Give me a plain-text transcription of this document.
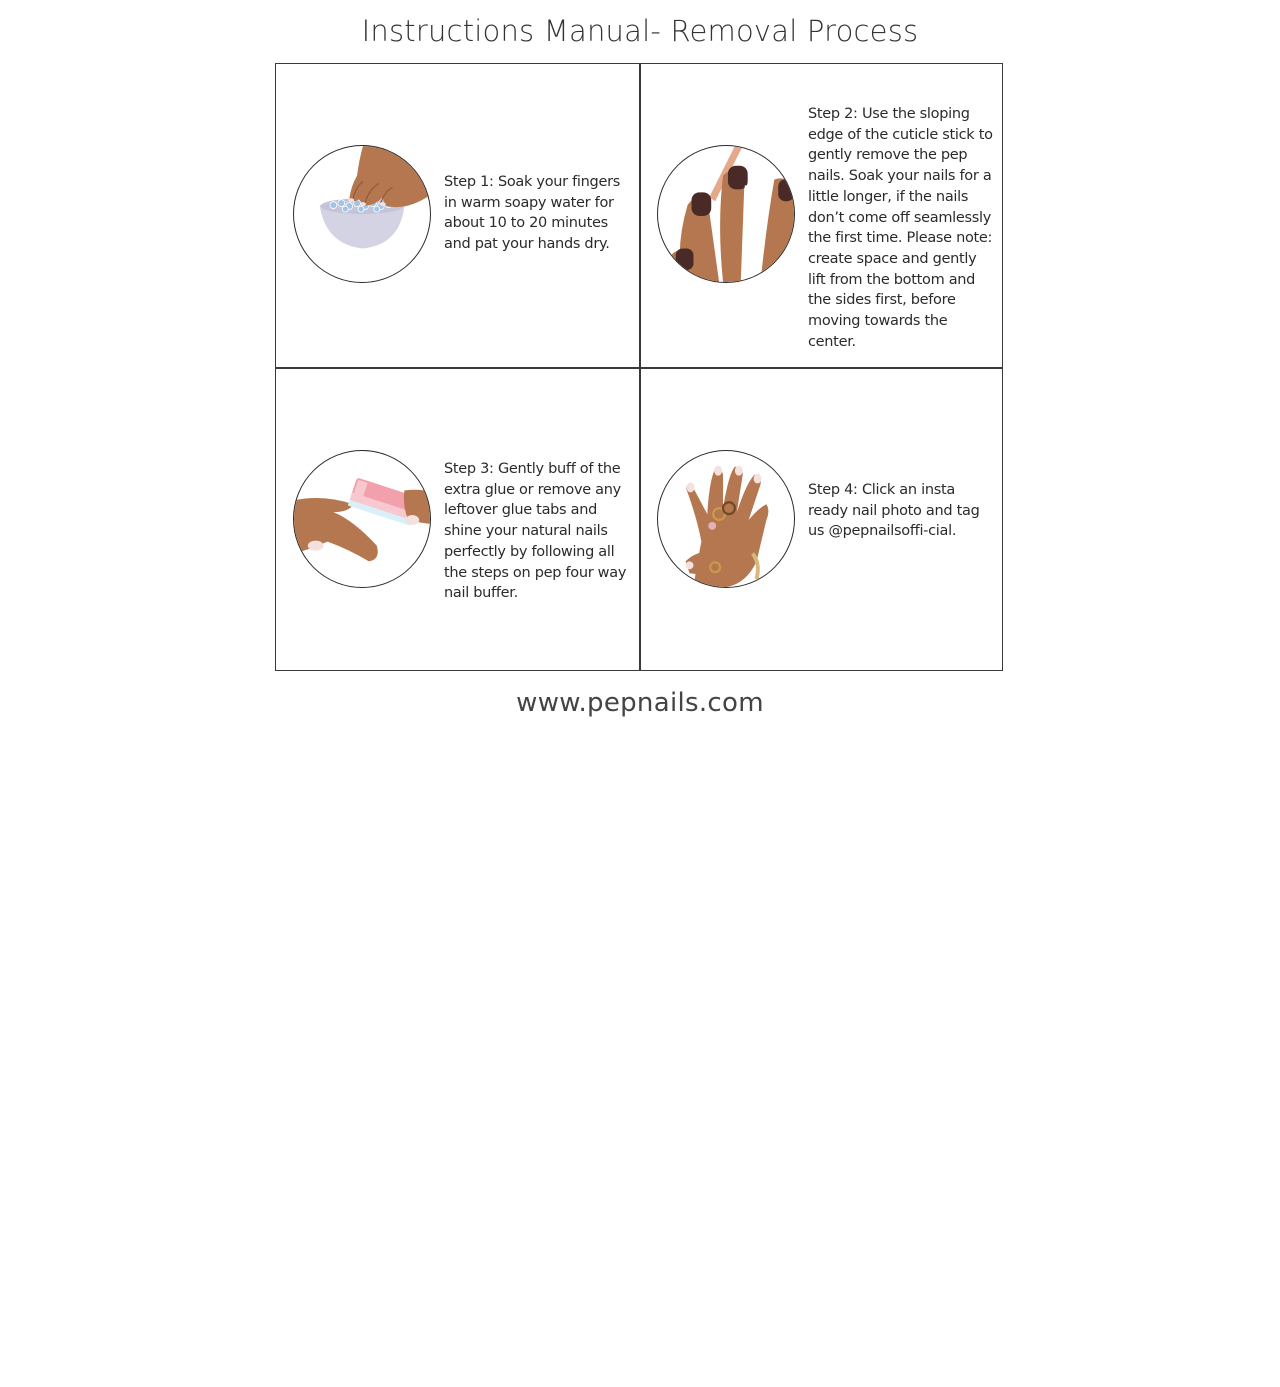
Instructions Manual- Removal Process
Step 1: Soak your fingers in warm soapy water for about 10 to 20 minutes and pat your hands dry.
Step 2: Use the sloping edge of the cuticle stick to gently remove the pep nails. Soak your nails for a little longer, if the nails don’t come off seamlessly the first time. Please note: create space and gently lift from the bottom and the sides first, before moving towards the center.
Step 3: Gently buff of the extra glue or remove any leftover glue tabs and shine your natural nails perfectly by following all the steps on pep four way nail buffer.
Step 4: Click an insta ready nail photo and tag us @pepnailsoffi-cial.
www.pepnails.com
